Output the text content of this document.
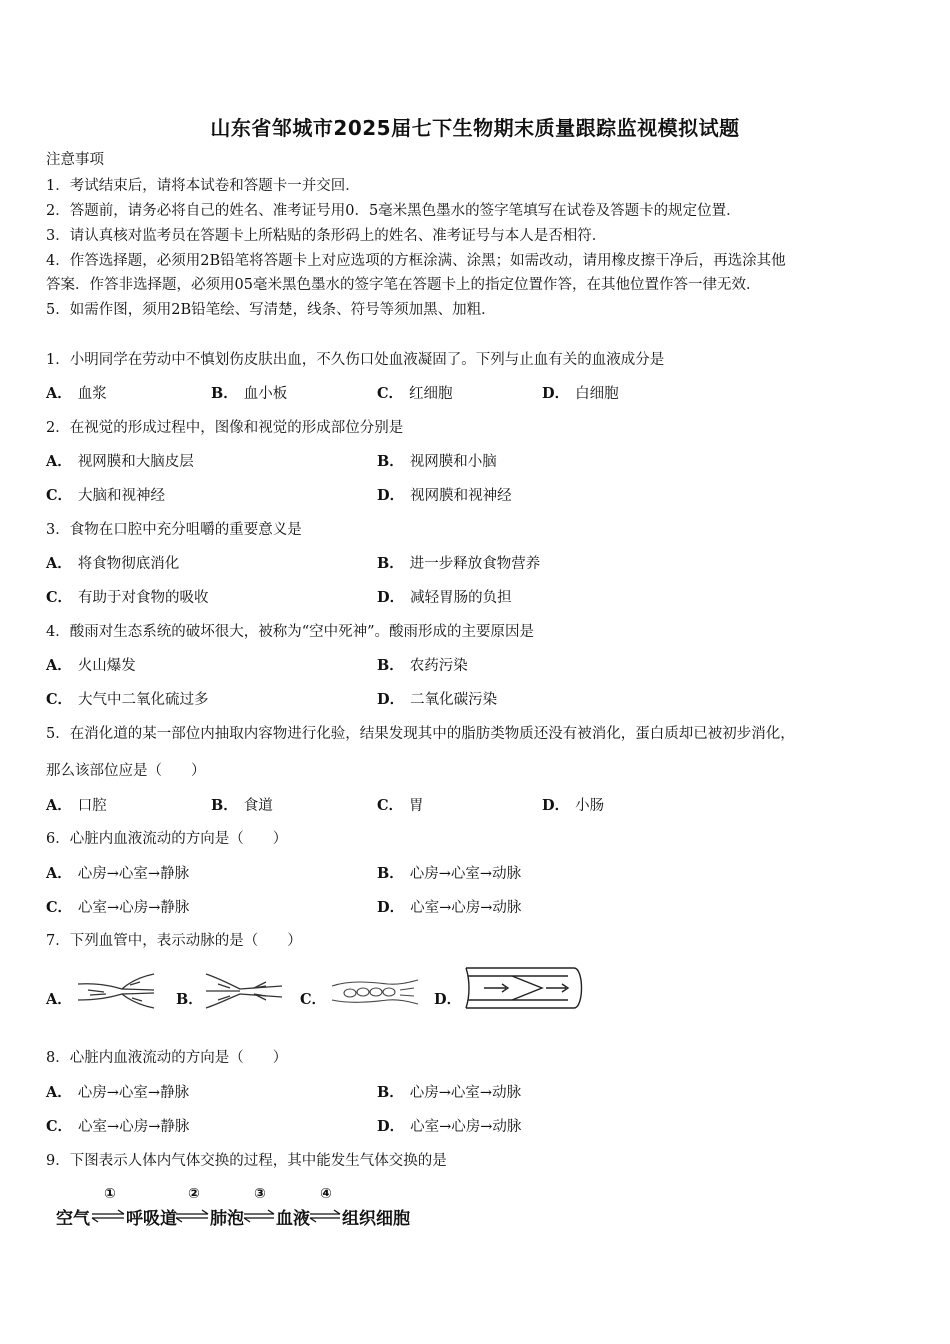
山东省邹城市2025届七下生物期末质量跟踪监视模拟试题
注意事项
1．考试结束后，请将本试卷和答题卡一并交回．
2．答题前，请务必将自己的姓名、准考证号用0．5毫米黑色墨水的签字笔填写在试卷及答题卡的规定位置．
3．请认真核对监考员在答题卡上所粘贴的条形码上的姓名、准考证号与本人是否相符．
4．作答选择题，必须用2B铅笔将答题卡上对应选项的方框涂满、涂黑；如需改动，请用橡皮擦干净后，再选涂其他
答案．作答非选择题，必须用05毫米黑色墨水的签字笔在答题卡上的指定位置作答，在其他位置作答一律无效．
5．如需作图，须用2B铅笔绘、写清楚，线条、符号等须加黑、加粗．
1．小明同学在劳动中不慎划伤皮肤出血，不久伤口处血液凝固了。下列与止血有关的血液成分是
A． 血浆	B． 血小板	C． 红细胞	D． 白细胞
2．在视觉的形成过程中，图像和视觉的形成部位分别是
A． 视网膜和大脑皮层	B． 视网膜和小脑
C． 大脑和视神经	D． 视网膜和视神经
3．食物在口腔中充分咀嚼的重要意义是
A． 将食物彻底消化	B． 进一步释放食物营养
C． 有助于对食物的吸收	D． 减轻胃肠的负担
4．酸雨对生态系统的破坏很大，被称为“空中死神”。酸雨形成的主要原因是
A． 火山爆发	B． 农药污染
C． 大气中二氧化硫过多	D． 二氧化碳污染
5．在消化道的某一部位内抽取内容物进行化验，结果发现其中的脂肪类物质还没有被消化，蛋白质却已被初步消化，
那么该部位应是（　　）
A． 口腔	B． 食道	C． 胃	D． 小肠
6．心脏内血液流动的方向是（　　）
A． 心房→心室→静脉	B． 心房→心室→动脉
C． 心室→心房→静脉	D． 心室→心房→动脉
7．下列血管中，表示动脉的是（　　）
A．	B．	C．	D．
8．心脏内血液流动的方向是（　　）
A． 心房→心室→静脉	B． 心房→心室→动脉
C． 心室→心房→静脉	D． 心室→心房→动脉
9．下图表示人体内气体交换的过程，其中能发生气体交换的是
空气
①
呼吸道
②
肺泡
③
血液
④
组织细胞
